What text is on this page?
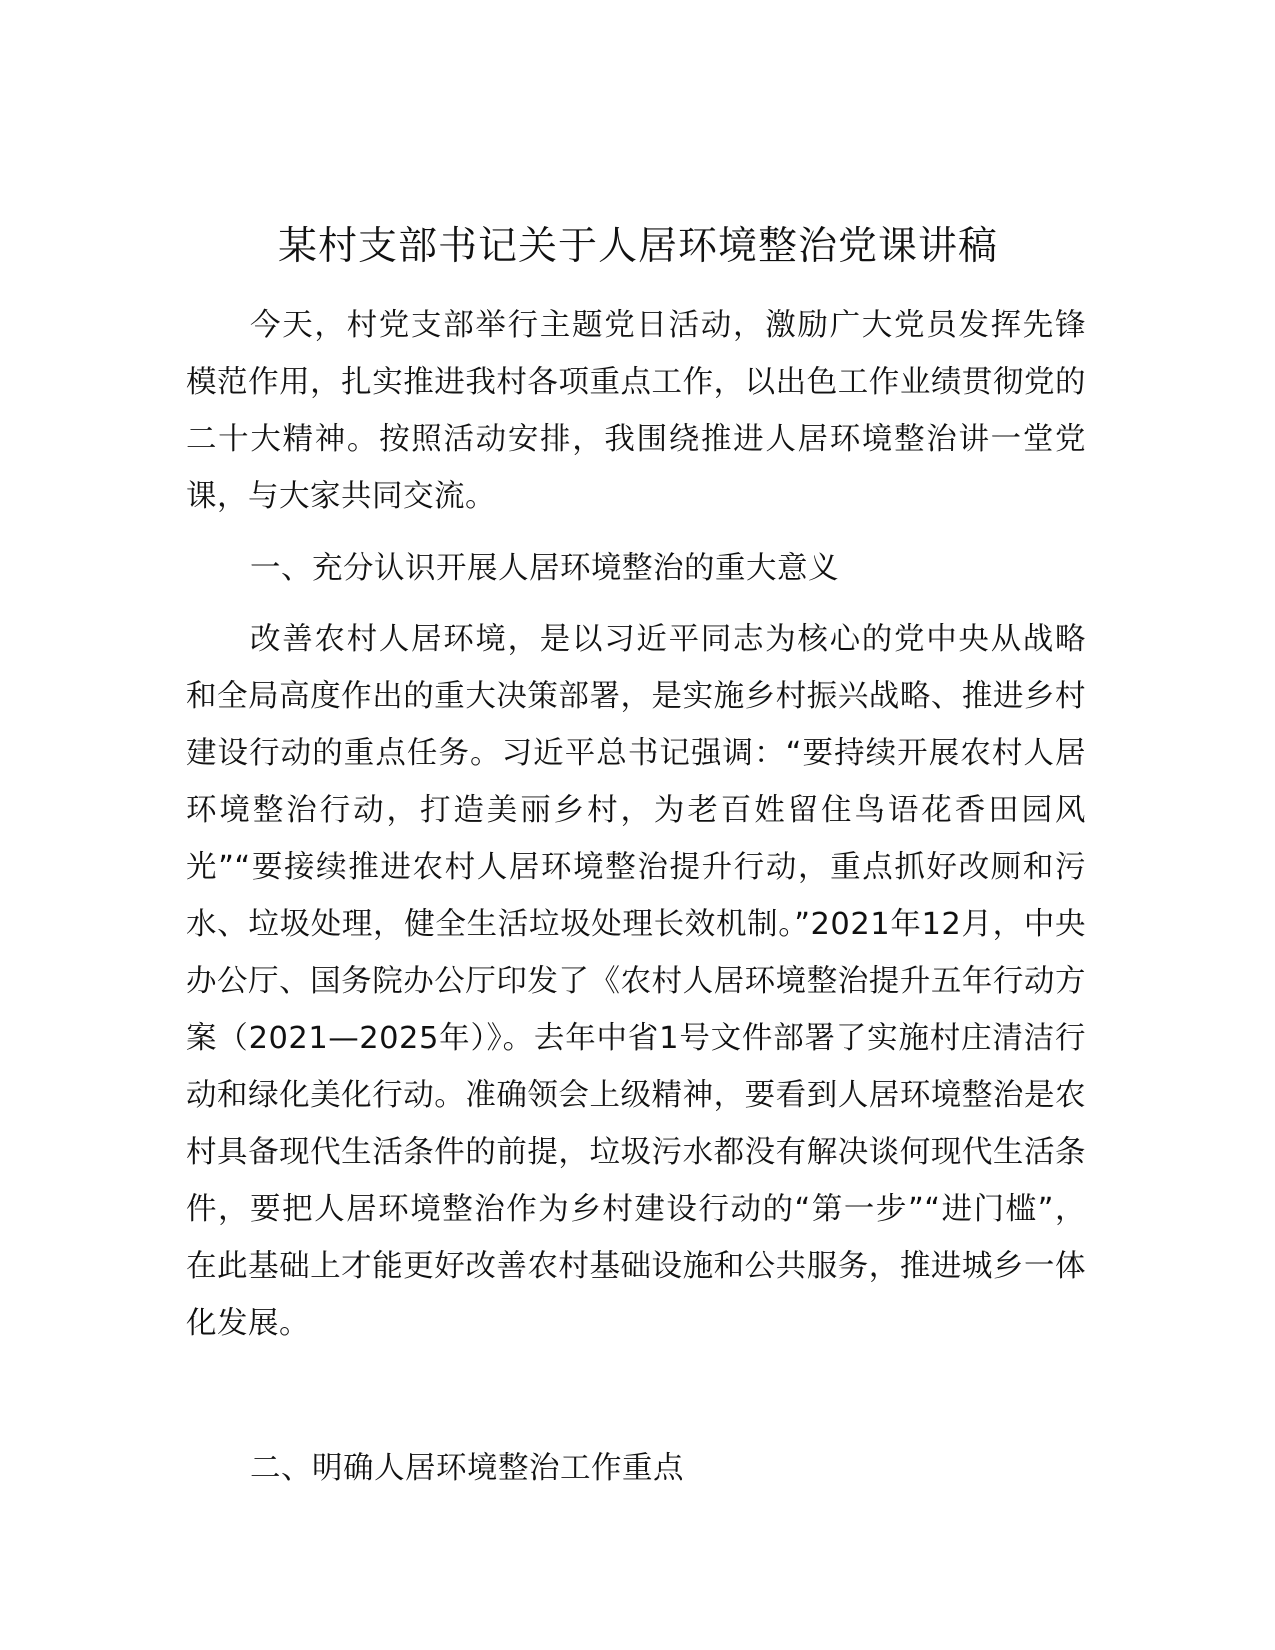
某村支部书记关于人居环境整治党课讲稿

今天，村党支部举行主题党日活动，激励广大党员发挥先锋模范作用，扎实推进我村各项重点工作，以出色工作业绩贯彻党的二十大精神。按照活动安排，我围绕推进人居环境整治讲一堂党课，与大家共同交流。

一、充分认识开展人居环境整治的重大意义

改善农村人居环境，是以习近平同志为核心的党中央从战略和全局高度作出的重大决策部署，是实施乡村振兴战略、推进乡村建设行动的重点任务。习近平总书记强调：“要持续开展农村人居环境整治行动，打造美丽乡村，为老百姓留住鸟语花香田园风光”“要接续推进农村人居环境整治提升行动，重点抓好改厕和污水、垃圾处理，健全生活垃圾处理长效机制。”2021年12月，中央办公厅、国务院办公厅印发了《农村人居环境整治提升五年行动方案（2021—2025年）》。去年中省1号文件部署了实施村庄清洁行动和绿化美化行动。准确领会上级精神，要看到人居环境整治是农村具备现代生活条件的前提，垃圾污水都没有解决谈何现代生活条件，要把人居环境整治作为乡村建设行动的“第一步”“进门槛”，在此基础上才能更好改善农村基础设施和公共服务，推进城乡一体化发展。

二、明确人居环境整治工作重点
